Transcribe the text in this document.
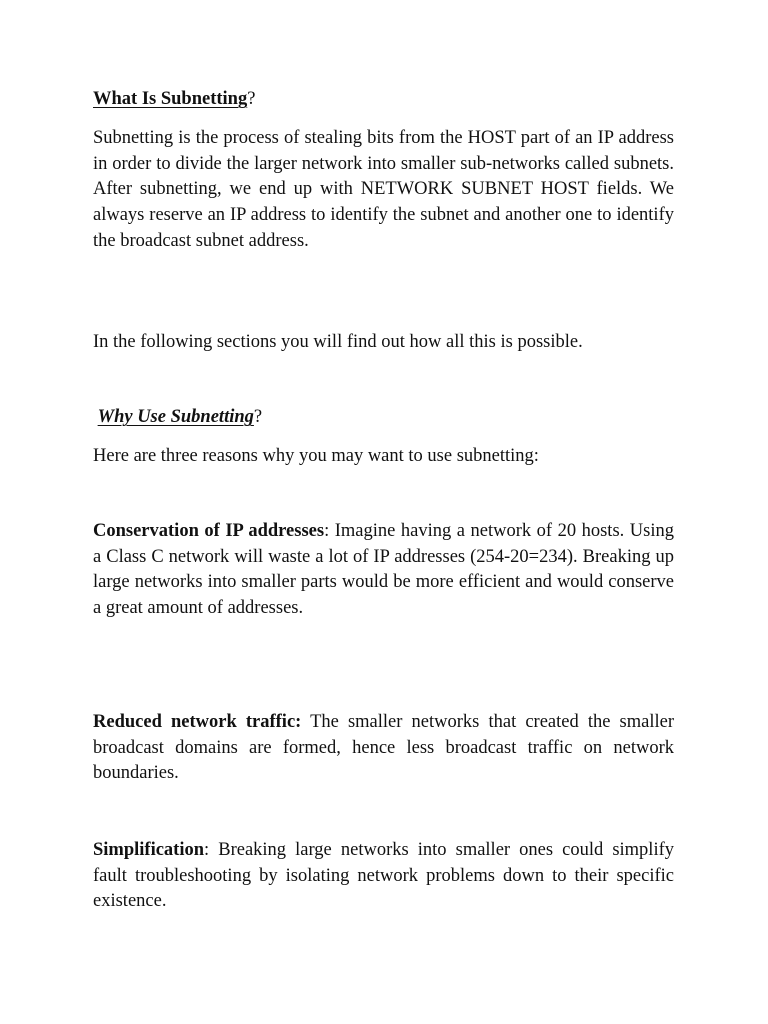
What Is Subnetting?

Subnetting is the process of stealing bits from the HOST part of an IP address in order to divide the larger network into smaller sub-networks called subnets. After subnetting, we end up with NETWORK SUBNET HOST fields. We always reserve an IP address to identify the subnet and another one to identify the broadcast subnet address.

In the following sections you will find out how all this is possible.

Why Use Subnetting?

Here are three reasons why you may want to use subnetting:

Conservation of IP addresses: Imagine having a network of 20 hosts. Using a Class C network will waste a lot of IP addresses (254-20=234). Breaking up large networks into smaller parts would be more efficient and would conserve a great amount of addresses.

Reduced network traffic: The smaller networks that created the smaller broadcast domains are formed, hence less broadcast traffic on network boundaries.

Simplification: Breaking large networks into smaller ones could simplify fault troubleshooting by isolating network problems down to their specific existence.
